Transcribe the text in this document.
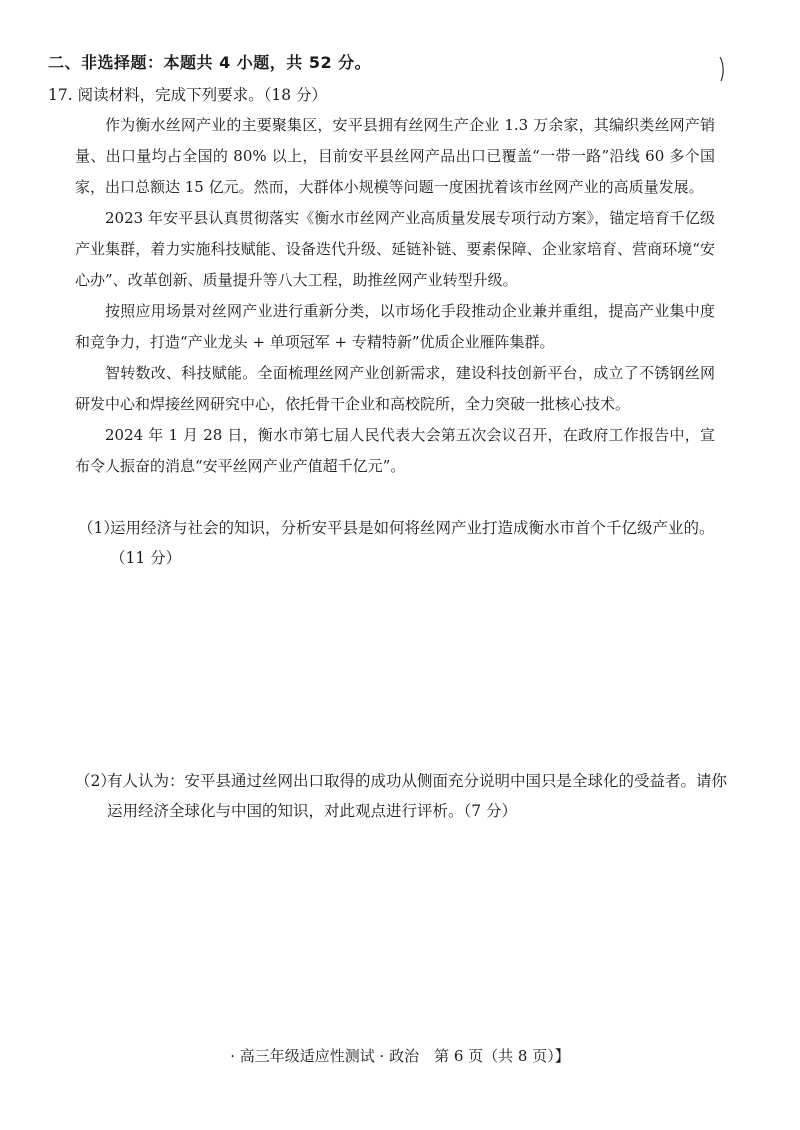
二、非选择题：本题共 4 小题，共 52 分。
17. 阅读材料，完成下列要求。（18 分）

作为衡水丝网产业的主要聚集区，安平县拥有丝网生产企业 1.3 万余家，其编织类丝网产销量、出口量均占全国的 80% 以上，目前安平县丝网产品出口已覆盖“一带一路”沿线 60 多个国家，出口总额达 15 亿元。然而，大群体小规模等问题一度困扰着该市丝网产业的高质量发展。

2023 年安平县认真贯彻落实《衡水市丝网产业高质量发展专项行动方案》，锚定培育千亿级产业集群，着力实施科技赋能、设备迭代升级、延链补链、要素保障、企业家培育、营商环境“安心办”、改革创新、质量提升等八大工程，助推丝网产业转型升级。

按照应用场景对丝网产业进行重新分类，以市场化手段推动企业兼并重组，提高产业集中度和竞争力，打造“产业龙头 + 单项冠军 + 专精特新”优质企业雁阵集群。

智转数改、科技赋能。全面梳理丝网产业创新需求，建设科技创新平台，成立了不锈钢丝网研发中心和焊接丝网研究中心，依托骨干企业和高校院所，全力突破一批核心技术。

2024 年 1 月 28 日，衡水市第七届人民代表大会第五次会议召开，在政府工作报告中，宣布令人振奋的消息“安平丝网产业产值超千亿元”。

（1）
运用经济与社会的知识，分析安平县是如何将丝网产业打造成衡水市首个千亿级产业的。（11 分）
（2）
有人认为：安平县通过丝网出口取得的成功从侧面充分说明中国只是全球化的受益者。请你运用经济全球化与中国的知识，对此观点进行评析。（7 分）
· 高三年级适应性测试 · 政治　第 6 页（共 8 页）】
